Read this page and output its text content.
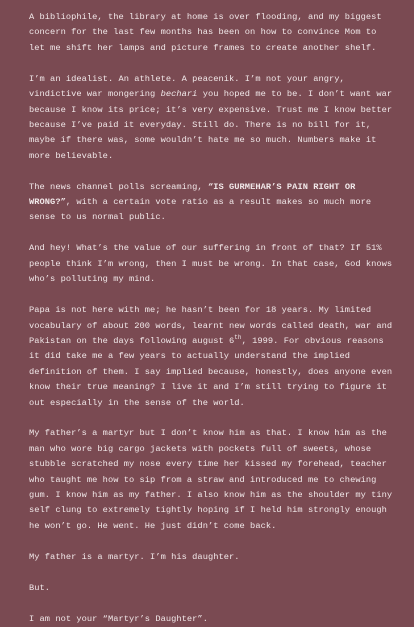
A bibliophile, the library at home is over flooding, and my biggest concern for the last few months has been on how to convince Mom to let me shift her lamps and picture frames to create another shelf.

I’m an idealist. An athlete. A peacenik. I’m not your angry, vindictive war mongering bechari you hoped me to be. I don’t want war because I know its price; it’s very expensive. Trust me I know better because I’ve paid it everyday. Still do. There is no bill for it, maybe if there was, some wouldn’t hate me so much. Numbers make it more believable.

The news channel polls screaming, “IS GURMEHAR’S PAIN RIGHT OR WRONG?”, with a certain vote ratio as a result makes so much more sense to us normal public.

And hey! What’s the value of our suffering in front of that? If 51% people think I’m wrong, then I must be wrong. In that case, God knows who’s polluting my mind.

Papa is not here with me; he hasn’t been for 18 years. My limited vocabulary of about 200 words, learnt new words called death, war and Pakistan on the days following august 6th, 1999. For obvious reasons it did take me a few years to actually understand the implied definition of them. I say implied because, honestly, does anyone even know their true meaning? I live it and I’m still trying to figure it out especially in the sense of the world.

My father’s a martyr but I don’t know him as that. I know him as the man who wore big cargo jackets with pockets full of sweets, whose stubble scratched my nose every time her kissed my forehead, teacher who taught me how to sip from a straw and introduced me to chewing gum. I know him as my father. I also know him as the shoulder my tiny self clung to extremely tightly hoping if I held him strongly enough he won’t go. He went. He just didn’t come back.

My father is a martyr. I’m his daughter.

But.

I am not your “Martyr’s Daughter”.
